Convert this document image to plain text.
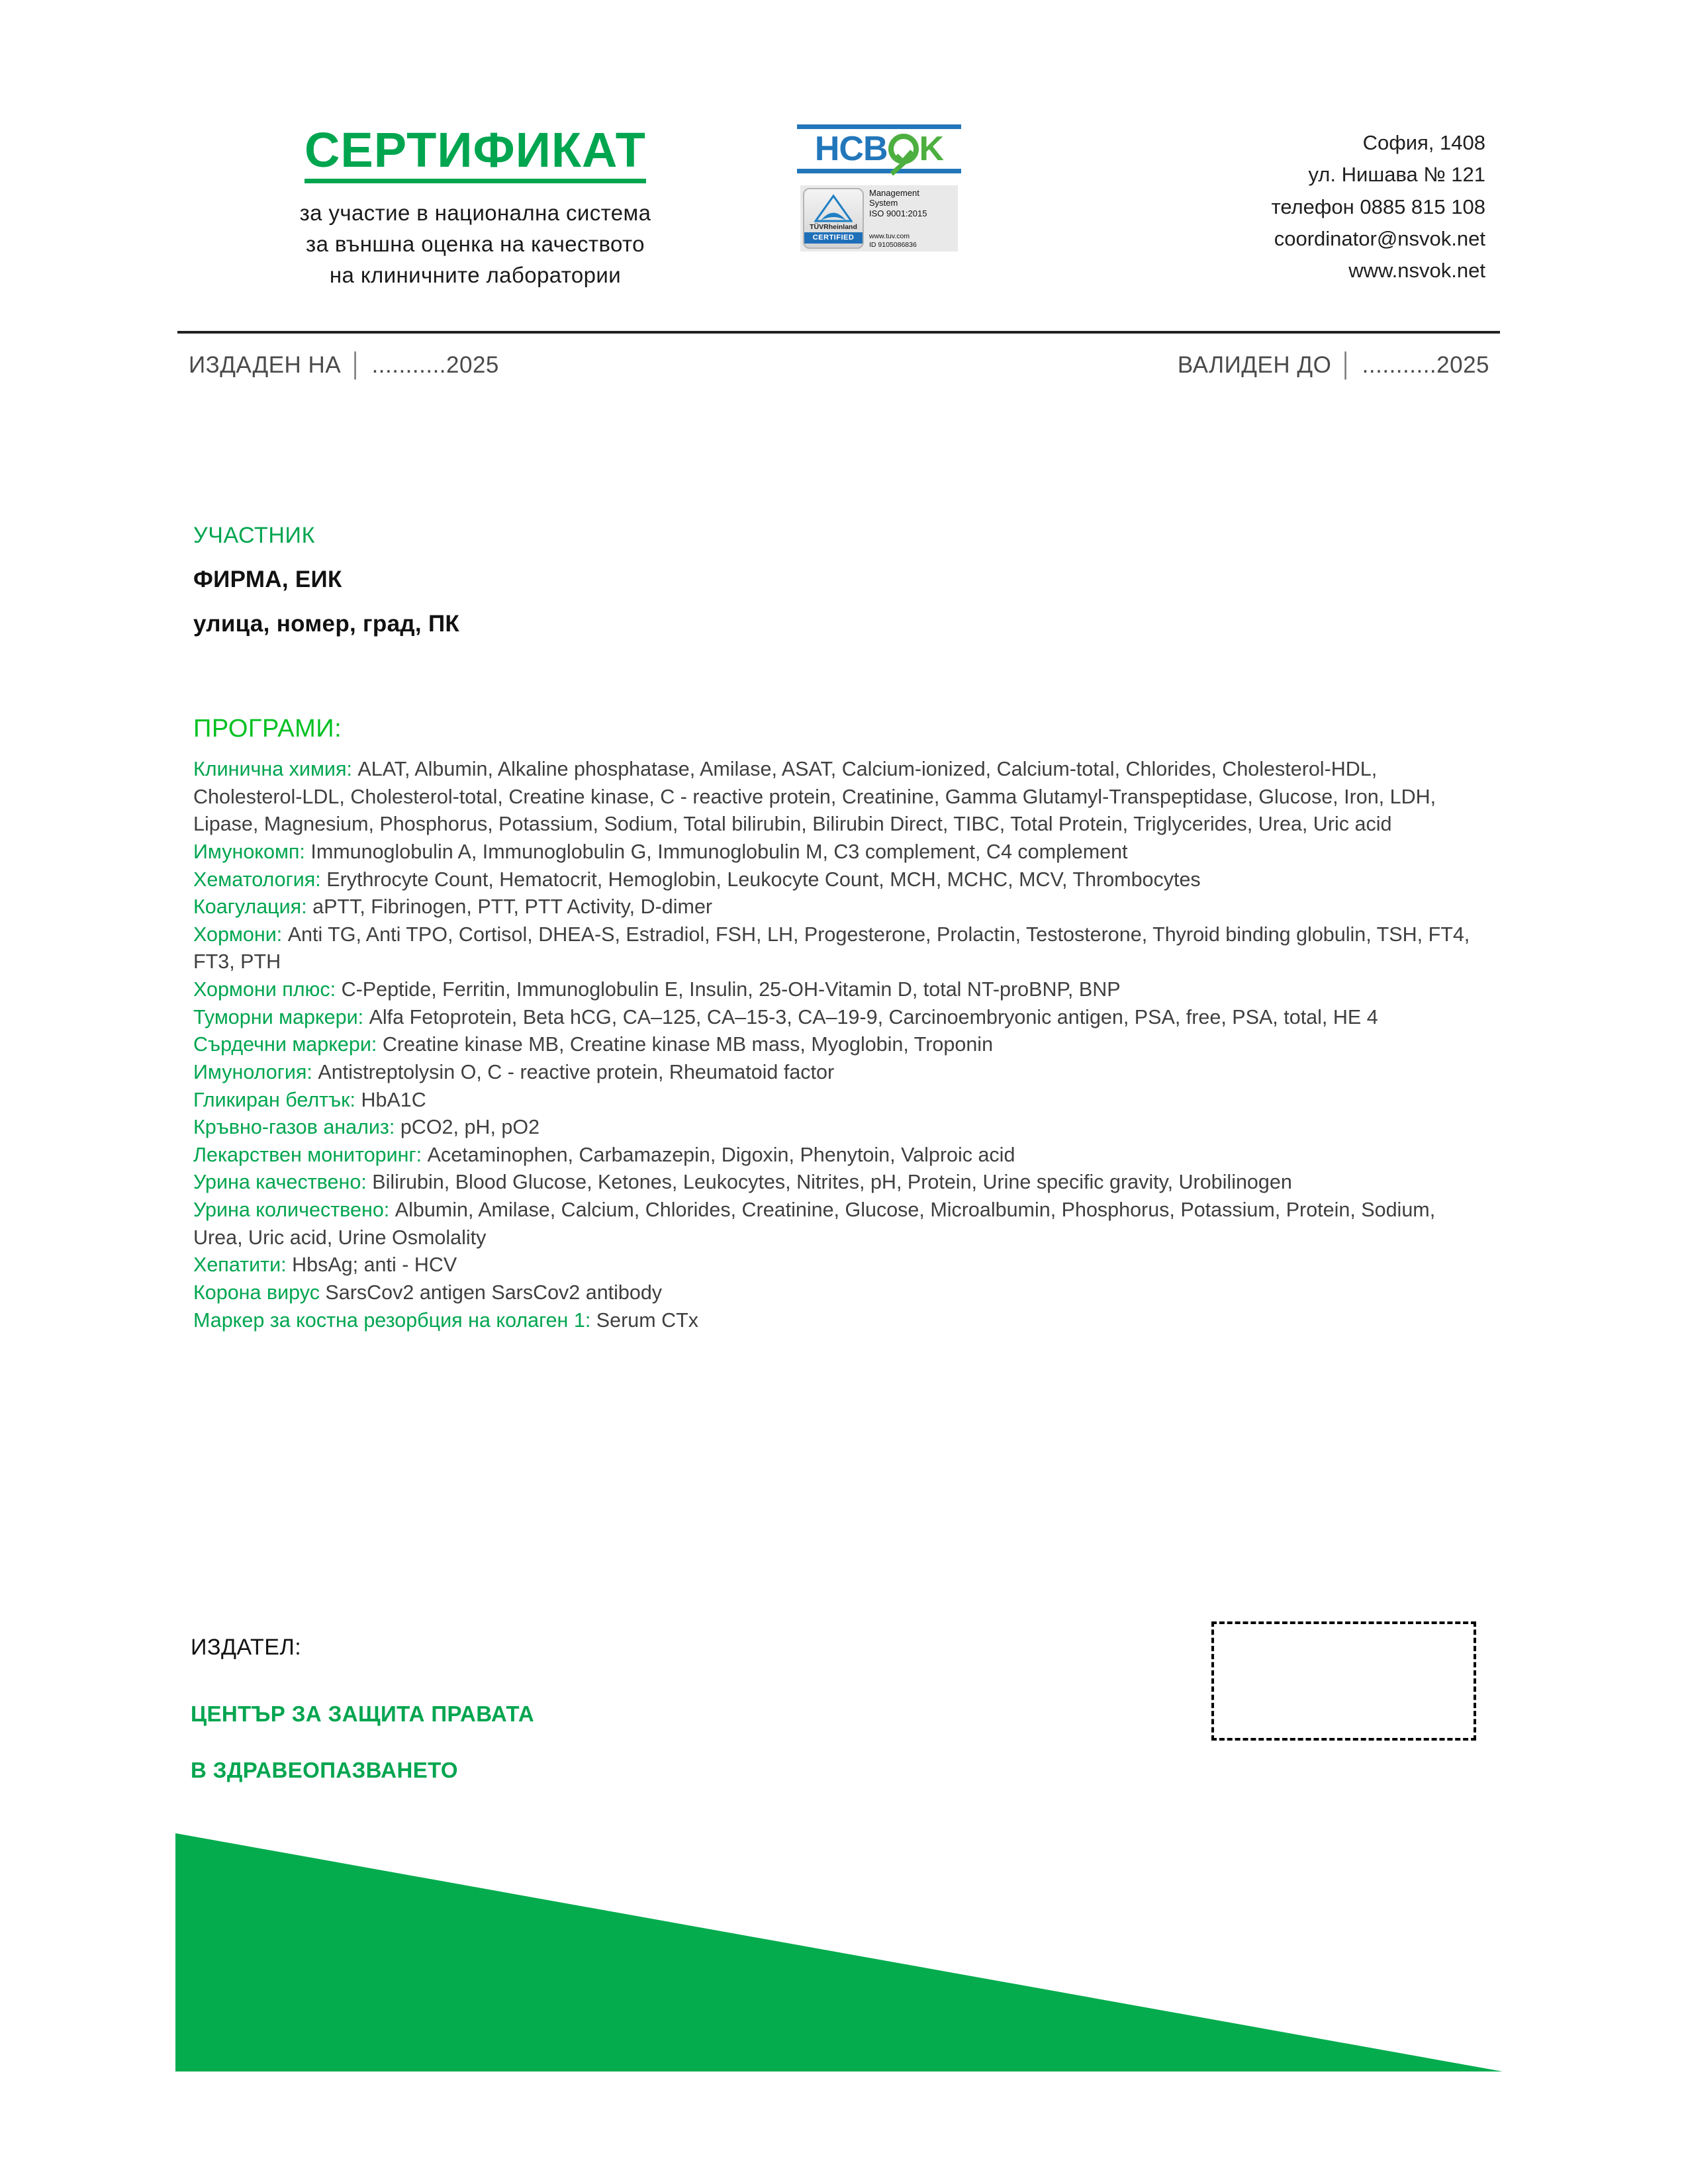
СЕРТИФИКАТ
за участие в национална система
за външна оценка на качеството
на клиничните лаборатории
HCB K
TÜVRheinland
CERTIFIED
Management
System
ISO 9001:2015
www.tuv.com
ID 9105086836
София, 1408
ул. Нишава № 121
телефон 0885 815 108
coordinator@nsvok.net
www.nsvok.net
ИЗДАДЕН НА │ ...........2025	ВАЛИДЕН ДО │ ...........2025
УЧАСТНИК
ФИРМА, ЕИК
улица, номер, град, ПК
ПРОГРАМИ:
Клинична химия: ALAT, Albumin, Alkaline phosphatase, Amilase, ASAT, Calcium-ionized, Calcium-total, Chlorides, Cholesterol-HDL, Cholesterol-LDL, Cholesterol-total, Creatine kinase, C - reactive protein, Creatinine, Gamma Glutamyl-Transpeptidase, Glucose, Iron, LDH, Lipase, Magnesium, Phosphorus, Potassium, Sodium, Total bilirubin, Bilirubin Direct, TIBC, Total Protein, Triglycerides, Urea, Uric acid
Имунокомп: Immunoglobulin A, Immunoglobulin G, Immunoglobulin M, C3 complement, C4 complement
Хематология: Erythrocyte Count, Hematocrit, Hemoglobin, Leukocyte Count, MCH, MCHC, MCV, Thrombocytes
Коагулация: aPTT, Fibrinogen, PTT, PTT Activity, D-dimer
Хормони: Anti TG, Anti TPO, Cortisol, DHEA-S, Estradiol, FSH, LH, Progesterone, Prolactin, Testosterone, Thyroid binding globulin, TSH, FT4, FT3, PTH
Хормони плюс: C-Peptide, Ferritin, Immunoglobulin E, Insulin, 25-OH-Vitamin D, total NT-proBNP, BNP
Туморни маркери: Alfa Fetoprotein, Beta hCG, CA–125, CA–15-3, CA–19-9, Carcinoembryonic antigen, PSA, free, PSA, total, HE 4
Сърдечни маркери: Creatine kinase MB, Creatine kinase MB mass, Myoglobin, Troponin
Имунология: Antistreptolysin O, C - reactive protein, Rheumatoid factor
Гликиран белтък: HbA1C
Кръвно-газов анализ: pCO2, pH, pO2
Лекарствен мониторинг: Acetaminophen, Carbamazepin, Digoxin, Phenytoin, Valproic acid
Урина качествено: Bilirubin, Blood Glucose, Ketones, Leukocytes, Nitrites, pH, Protein, Urine specific gravity, Urobilinogen
Урина количествено: Albumin, Amilase, Calcium, Chlorides, Creatinine, Glucose, Microalbumin, Phosphorus, Potassium, Protein, Sodium, Urea, Uric acid, Urine Osmolality
Хепатити: HbsAg; anti - HCV
Корона вирус SarsCov2 antigen SarsCov2 antibody
Маркер за костна резорбция на колаген 1: Serum CTx
ИЗДАТЕЛ:
ЦЕНТЪР ЗА ЗАЩИТА ПРАВАТА
В ЗДРАВЕОПАЗВАНЕТО
